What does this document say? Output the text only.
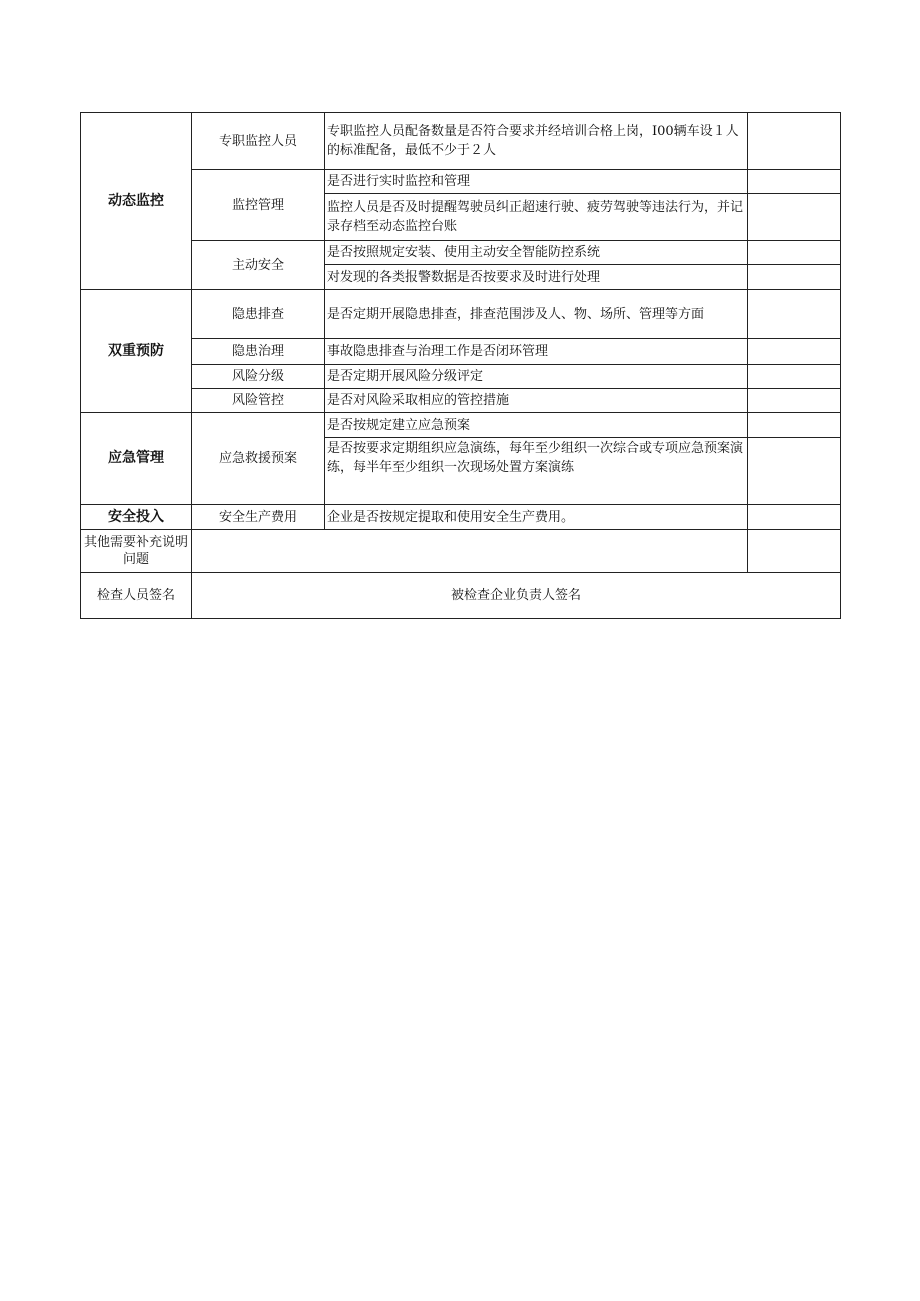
动态监控	专职监控人员	专职监控人员配备数量是否符合要求并经培训合格上岗，I00辆车设１人的标准配备，最低不少于２人	
	监控管理	是否进行实时监控和管理	
		监控人员是否及时提醒驾驶员纠正超速行驶、疲劳驾驶等违法行为，并记录存档至动态监控台账	
	主动安全	是否按照规定安装、使用主动安全智能防控系统	
		对发现的各类报警数据是否按要求及时进行处理	
双重预防	隐患排查	是否定期开展隐患排查，排查范围涉及人、物、场所、管理等方面	
	隐患治理	事故隐患排查与治理工作是否闭环管理	
	风险分级	是否定期开展风险分级评定	
	风险管控	是否对风险采取相应的管控措施	
应急管理	应急救援预案	是否按规定建立应急预案	
		是否按要求定期组织应急演练，每年至少组织一次综合或专项应急预案演练，每半年至少组织一次现场处置方案演练	
安全投入	安全生产费用	企业是否按规定提取和使用安全生产费用。	
其他需要补充说明问题			
检查人员签名	被检查企业负责人签名		
